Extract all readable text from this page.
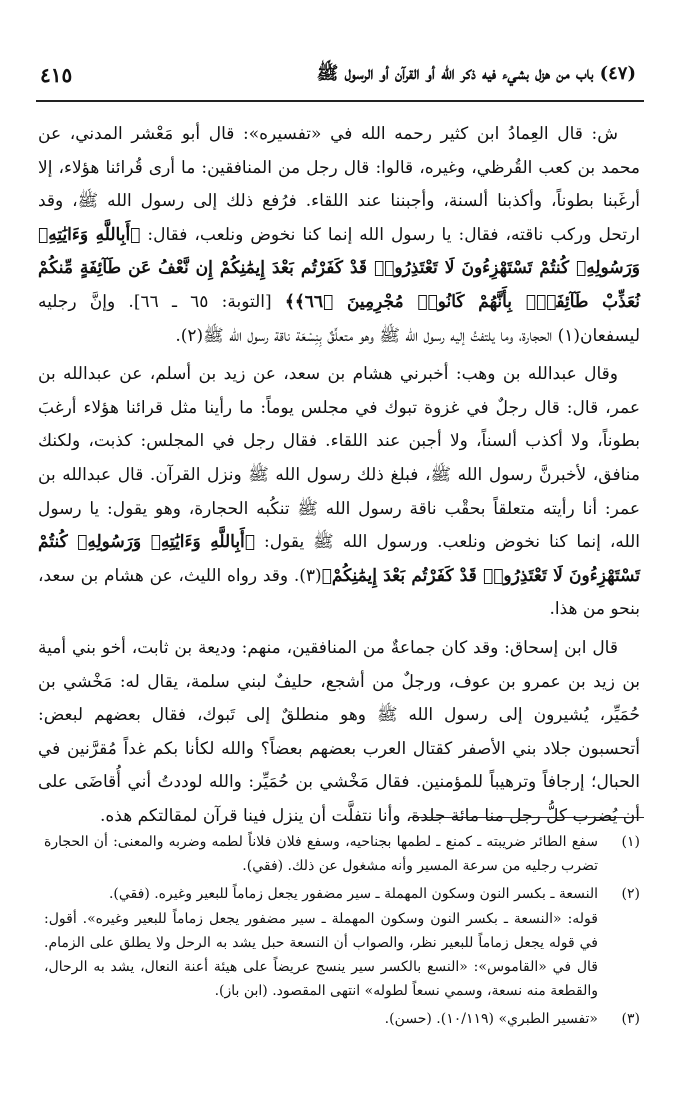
(٤٧) باب من هزل بشيء فيه ذكر الله أو القرآن أو الرسول ﷺ
٤١٥

ش: قال العِمادُ ابن كثير رحمه الله في «تفسيره»: قال أبو مَعْشر المدني، عن محمد بن كعب القُرظي، وغيره، قالوا: قال رجل من المنافقين: ما أرى قُرائنا هؤلاء، إلا أرغَبنا بطوناً، وأكذبنا ألسنة، وأجبننا عند اللقاء. فرُفع ذلك إلى رسول الله ﷺ، وقد ارتحل وركب ناقته، فقال: يا رسول الله إنما كنا نخوض ونلعب، فقال: ﴿أَبِاللَّهِ وَءَايَٰتِهِۦ وَرَسُولِهِۦ كُنتُمْ تَسْتَهْزِءُونَ لَا تَعْتَذِرُوا۟ قَدْ كَفَرْتُم بَعْدَ إِيمَٰنِكُمْ إِن نَّعْفُ عَن طَآئِفَةٍ مِّنكُمْ نُعَذِّبْ طَآئِفَةًۢ بِأَنَّهُمْ كَانُوا۟ مُجْرِمِينَ ﴿٦٦﴾﴾ [التوبة: ٦٥ ـ ٦٦]. وإنَّ رجليه ليسفعان(١) الحجارة، وما يلتفتُ إليه رسول الله ﷺ وهو متعلِّقٌ بِنِسْعَة ناقة رسول الله ﷺ(٢).

وقال عبدالله بن وهب: أخبرني هشام بن سعد، عن زيد بن أسلم، عن عبدالله بن عمر، قال: قال رجلٌ في غزوة تبوك في مجلس يوماً: ما رأينا مثل قرائنا هؤلاء أرغبَ بطوناً، ولا أكذب ألسناً، ولا أجبن عند اللقاء. فقال رجل في المجلس: كذبت، ولكنك منافق، لأخبرنَّ رسول الله ﷺ، فبلغ ذلك رسول الله ﷺ ونزل القرآن. قال عبدالله بن عمر: أنا رأيته متعلقاً بحقْب ناقة رسول الله ﷺ تنكُبه الحجارة، وهو يقول: يا رسول الله، إنما كنا نخوض ونلعب. ورسول الله ﷺ يقول: ﴿أَبِاللَّهِ وَءَايَٰتِهِۦ وَرَسُولِهِۦ كُنتُمْ تَسْتَهْزِءُونَ لَا تَعْتَذِرُوا۟ قَدْ كَفَرْتُم بَعْدَ إِيمَٰنِكُمْ﴾(٣). وقد رواه الليث، عن هشام بن سعد، بنحو من هذا.

قال ابن إسحاق: وقد كان جماعةٌ من المنافقين، منهم: وديعة بن ثابت، أخو بني أمية بن زيد بن عمرو بن عوف، ورجلٌ من أشجع، حليفٌ لبني سلمة، يقال له: مَخْشي بن حُمَيِّر، يُشيرون إلى رسول الله ﷺ وهو منطلقٌ إلى تَبوك، فقال بعضهم لبعض: أتحسبون جلاد بني الأصفر كقتال العرب بعضهم بعضاً؟ والله لكأنا بكم غداً مُقرَّنين في الحبال؛ إرجافاً وترهيباً للمؤمنين. فقال مَخْشي بن حُمَيِّر: والله لوددتُ أني أُقاضَى على أن يُضرب كلُّ رجل منا مائة جلدة، وأنا نتفلَّت أن ينزل فينا قرآن لمقالتكم هذه.

(١)

سفع الطائر ضريبته ـ كمنع ـ لطمها بجناحيه، وسفع فلان فلاناً لطمه وضربه والمعنى: أن الحجارة تضرب رجليه من سرعة المسير وأنه مشغول عن ذلك. (فقي).

(٢)

النسعة ـ بكسر النون وسكون المهملة ـ سير مضفور يجعل زماماً للبعير وغيره. (فقي).

قوله: «النسعة ـ بكسر النون وسكون المهملة ـ سير مضفور يجعل زماماً للبعير وغيره». أقول: في قوله يجعل زماماً للبعير نظر، والصواب أن النسعة حبل يشد به الرحل ولا يطلق على الزمام. قال في «القاموس»: «النسع بالكسر سير ينسج عريضاً على هيئة أعنة النعال، يشد به الرحال، والقطعة منه نسعة، وسمي نسعاً لطوله» انتهى المقصود. (ابن باز).

(٣)

«تفسير الطبري» (١٠/١١٩). (حسن).
